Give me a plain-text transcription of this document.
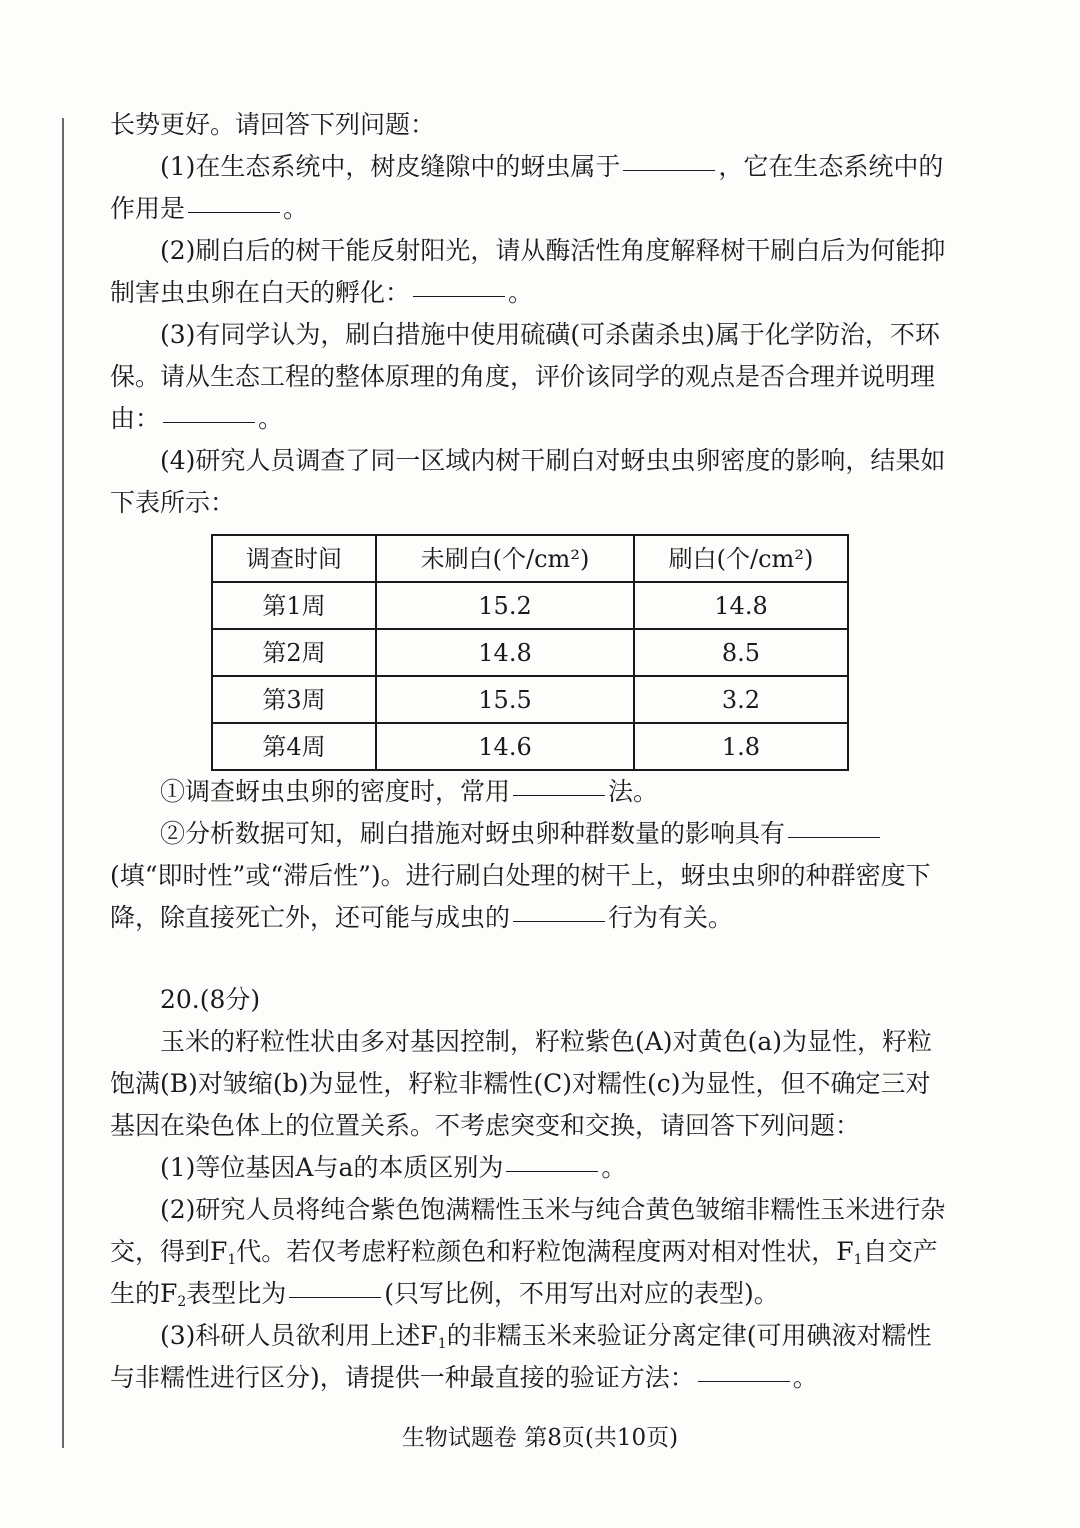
长势更好。请回答下列问题：

(1)在生态系统中，树皮缝隙中的蚜虫属于	，它在生态系统中的作用是	。

(2)刷白后的树干能反射阳光，请从酶活性角度解释树干刷白后为何能抑制害虫虫卵在白天的孵化：	。

(3)有同学认为，刷白措施中使用硫磺(可杀菌杀虫)属于化学防治，不环保。请从生态工程的整体原理的角度，评价该同学的观点是否合理并说明理由：	。

(4)研究人员调查了同一区域内树干刷白对蚜虫虫卵密度的影响，结果如下表所示：

调查时间	未刷白(个/cm²)	刷白(个/cm²)
第1周	15.2	14.8
第2周	14.8	8.5
第3周	15.5	3.2
第4周	14.6	1.8

①调查蚜虫虫卵的密度时，常用	法。

②分析数据可知，刷白措施对蚜虫卵种群数量的影响具有(填“即时性”或“滞后性”)。进行刷白处理的树干上，蚜虫虫卵的种群密度下降，除直接死亡外，还可能与成虫的	行为有关。

20.(8分)

玉米的籽粒性状由多对基因控制，籽粒紫色(A)对黄色(a)为显性，籽粒饱满(B)对皱缩(b)为显性，籽粒非糯性(C)对糯性(c)为显性，但不确定三对基因在染色体上的位置关系。不考虑突变和交换，请回答下列问题：

(1)等位基因A与a的本质区别为	。

(2)研究人员将纯合紫色饱满糯性玉米与纯合黄色皱缩非糯性玉米进行杂交，得到$F_1$代。若仅考虑籽粒颜色和籽粒饱满程度两对相对性状，$F_1$自交产生的$F_2$表型比为	(只写比例，不用写出对应的表型)。

(3)科研人员欲利用上述$F_1$的非糯玉米来验证分离定律(可用碘液对糯性与非糯性进行区分)，请提供一种最直接的验证方法：	。

生物试题卷 第8页(共10页)
